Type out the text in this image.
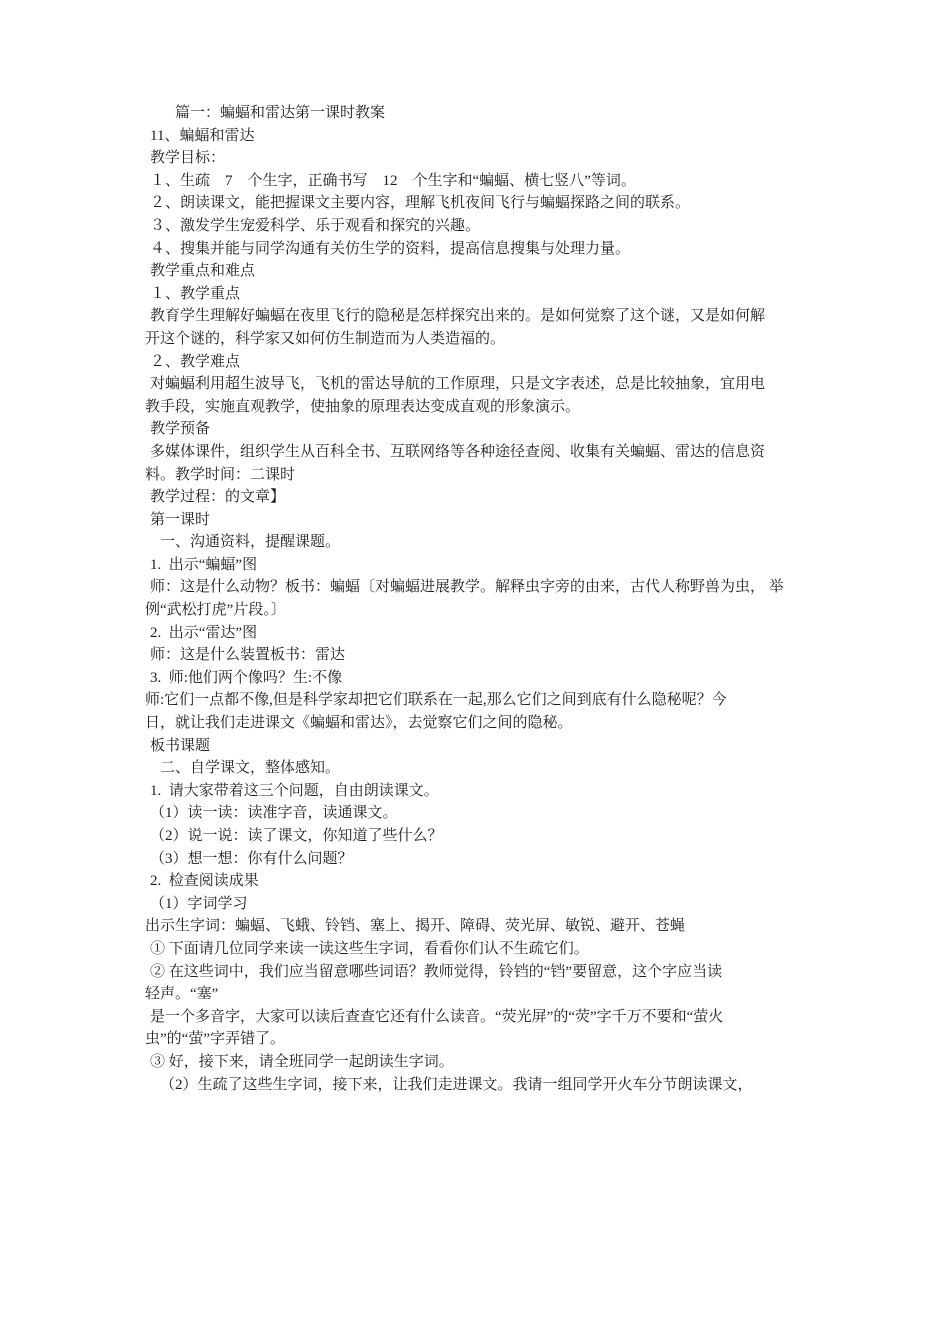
篇一：蝙蝠和雷达第一课时教案
11、蝙蝠和雷达
教学目标：
１、生疏    7    个生字，正确书写    12    个生字和“蝙蝠、横七竖八”等词。
２、朗读课文，能把握课文主要内容，理解飞机夜间飞行与蝙蝠探路之间的联系。
３、激发学生宠爱科学、乐于观看和探究的兴趣。
４、搜集并能与同学沟通有关仿生学的资料，提高信息搜集与处理力量。
教学重点和难点
１、教学重点
教育学生理解好蝙蝠在夜里飞行的隐秘是怎样探究出来的。是如何觉察了这个谜，又是如何解
开这个谜的，科学家又如何仿生制造而为人类造福的。
２、教学难点
对蝙蝠利用超生波导飞，飞机的雷达导航的工作原理，只是文字表述，总是比较抽象，宜用电
教手段，实施直观教学，使抽象的原理表达变成直观的形象演示。
教学预备
多媒体课件，组织学生从百科全书、互联网络等各种途径查阅、收集有关蝙蝠、雷达的信息资
料。教学时间：二课时
教学过程：的文章】
第一课时
一、沟通资料，提醒课题。
1.  出示“蝙蝠”图
师：这是什么动物？板书：蝙蝠〔对蝙蝠进展教学。解释虫字旁的由来，古代人称野兽为虫， 举
例“武松打虎”片段。〕
2.  出示“雷达”图
师：这是什么装置板书：雷达
3.  师:他们两个像吗？生:不像
师:它们一点都不像,但是科学家却把它们联系在一起,那么它们之间到底有什么隐秘呢？今
日，就让我们走进课文《蝙蝠和雷达》，去觉察它们之间的隐秘。
板书课题
二、自学课文，整体感知。
1.  请大家带着这三个问题，自由朗读课文。
（1）读一读：读准字音，读通课文。
（2）说一说：读了课文，你知道了些什么？
（3）想一想：你有什么问题？
2.  检查阅读成果
（1）字词学习
出示生字词：蝙蝠、飞蛾、铃铛、塞上、揭开、障碍、荧光屏、敏锐、避开、苍蝇
① 下面请几位同学来读一读这些生字词，看看你们认不生疏它们。
② 在这些词中，我们应当留意哪些词语？教师觉得，铃铛的“铛”要留意，这个字应当读
轻声。“塞”
是一个多音字，大家可以读后查查它还有什么读音。“荧光屏”的“荧”字千万不要和“萤火
虫”的“萤”字弄错了。
③ 好，接下来，请全班同学一起朗读生字词。
（2）生疏了这些生字词，接下来，让我们走进课文。我请一组同学开火车分节朗读课文，
